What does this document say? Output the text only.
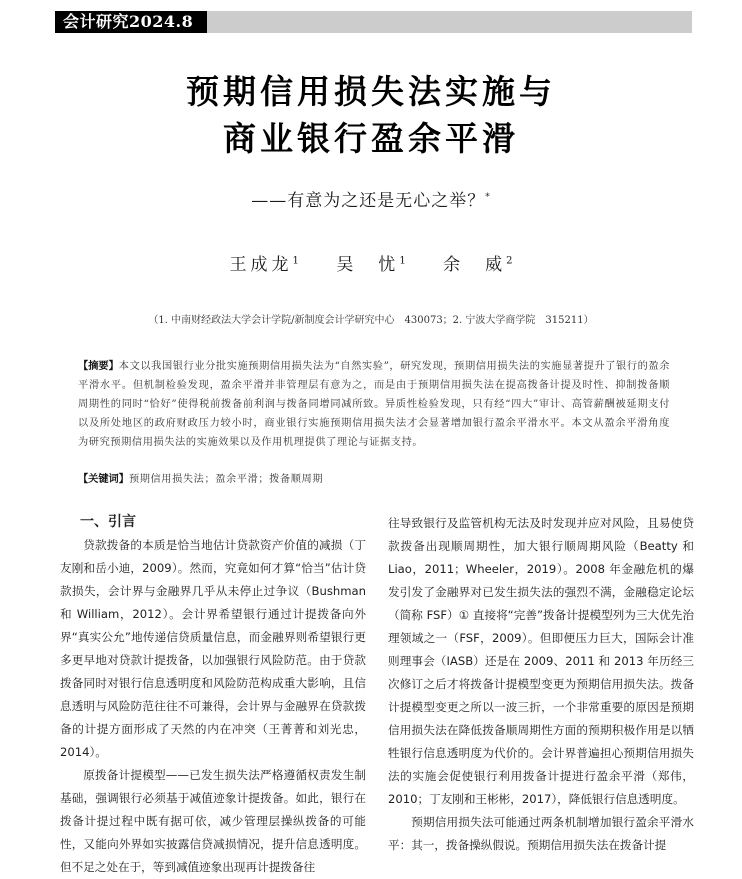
会计研究2024.8
预期信用损失法实施与
商业银行盈余平滑
——有意为之还是无心之举？*
王成龙$^1$ 吴　忧$^1$ 余　威$^2$
（1. 中南财经政法大学会计学院/新制度会计学研究中心　430073；2. 宁波大学商学院　315211）
【摘要】本文以我国银行业分批实施预期信用损失法为“自然实验”，研究发现，预期信用损失法的实施显著提升了银行的盈余平滑水平。但机制检验发现，盈余平滑并非管理层有意为之，而是由于预期信用损失法在提高拨备计提及时性、抑制拨备顺周期性的同时“恰好”使得税前拨备前利润与拨备同增同减所致。异质性检验发现，只有经“四大”审计、高管薪酬被延期支付以及所处地区的政府财政压力较小时，商业银行实施预期信用损失法才会显著增加银行盈余平滑水平。本文从盈余平滑角度为研究预期信用损失法的实施效果以及作用机理提供了理论与证据支持。
【关键词】预期信用损失法；盈余平滑；拨备顺周期
一、引言

贷款拨备的本质是恰当地估计贷款资产价值的减损（丁友刚和岳小迪，2009）。然而，究竟如何才算“恰当”估计贷款损失，会计界与金融界几乎从未停止过争议（Bushman 和 William，2012）。会计界希望银行通过计提拨备向外界“真实公允”地传递信贷质量信息，而金融界则希望银行更多更早地对贷款计提拨备，以加强银行风险防范。由于贷款拨备同时对银行信息透明度和风险防范构成重大影响，且信息透明与风险防范往往不可兼得，会计界与金融界在贷款拨备的计提方面形成了天然的内在冲突（王菁菁和刘光忠，2014）。

原拨备计提模型——已发生损失法严格遵循权责发生制基础，强调银行必须基于减值迹象计提拨备。如此，银行在拨备计提过程中既有据可依，减少管理层操纵拨备的可能性，又能向外界如实披露信贷减损情况，提升信息透明度。但不足之处在于，等到减值迹象出现再计提拨备往

往导致银行及监管机构无法及时发现并应对风险，且易使贷款拨备出现顺周期性，加大银行顺周期风险（Beatty 和 Liao，2011；Wheeler，2019）。2008 年金融危机的爆发引发了金融界对已发生损失法的强烈不满，金融稳定论坛（简称 FSF）① 直接将“完善”拨备计提模型列为三大优先治理领域之一（FSF，2009）。但即便压力巨大，国际会计准则理事会（IASB）还是在 2009、2011 和 2013 年历经三次修订之后才将拨备计提模型变更为预期信用损失法。拨备计提模型变更之所以一波三折，一个非常重要的原因是预期信用损失法在降低拨备顺周期性方面的预期积极作用是以牺牲银行信息透明度为代价的。会计界普遍担心预期信用损失法的实施会促使银行利用拨备计提进行盈余平滑（郑伟，2010；丁友刚和王彬彬，2017），降低银行信息透明度。

预期信用损失法可能通过两条机制增加银行盈余平滑水平：其一，拨备操纵假说。预期信用损失法在拨备计提
